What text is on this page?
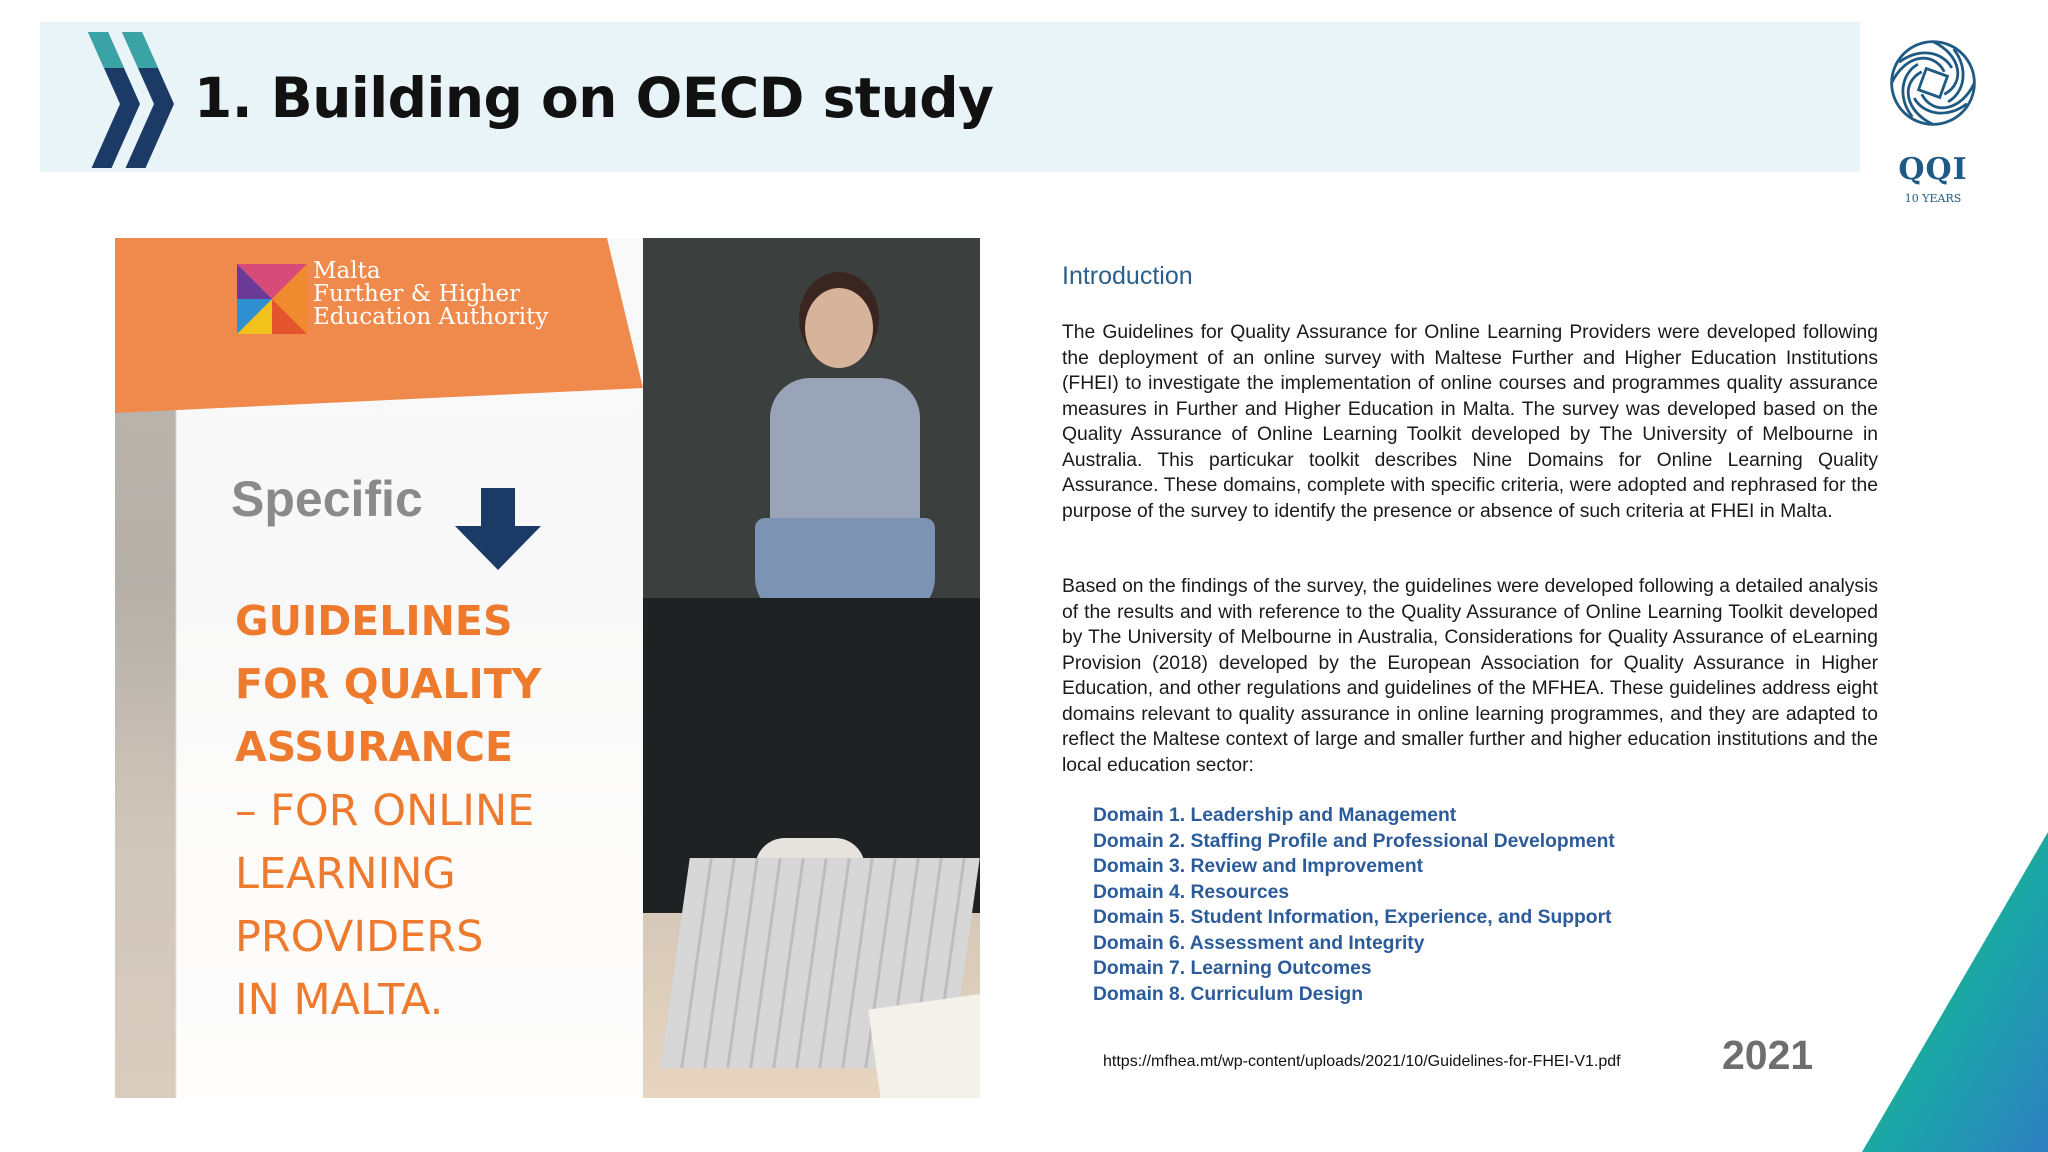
1. Building on OECD study
QQI
10 YEARS
Malta
Further & Higher
Education Authority

Specific

GUIDELINES
FOR QUALITY
ASSURANCE
– FOR ONLINE
LEARNING
PROVIDERS
IN MALTA.
Introduction

The Guidelines for Quality Assurance for Online Learning Providers were developed following the deployment of an online survey with Maltese Further and Higher Education Institutions (FHEI) to investigate the implementation of online courses and programmes quality assurance measures in Further and Higher Education in Malta. The survey was developed based on the Quality Assurance of Online Learning Toolkit developed by The University of Melbourne in Australia. This particukar toolkit describes Nine Domains for Online Learning Quality Assurance. These domains, complete with specific criteria, were adopted and rephrased for the purpose of the survey to identify the presence or absence of such criteria at FHEI in Malta.

Based on the findings of the survey, the guidelines were developed following a detailed analysis of the results and with reference to the Quality Assurance of Online Learning Toolkit developed by The University of Melbourne in Australia, Considerations for Quality Assurance of eLearning Provision (2018) developed by the European Association for Quality Assurance in Higher Education, and other regulations and guidelines of the MFHEA. These guidelines address eight domains relevant to quality assurance in online learning programmes, and they are adapted to reflect the Maltese context of large and smaller further and higher education institutions and the local education sector:

Domain 1. Leadership and Management
Domain 2. Staffing Profile and Professional Development
Domain 3. Review and Improvement
Domain 4. Resources
Domain 5. Student Information, Experience, and Support
Domain 6. Assessment and Integrity
Domain 7. Learning Outcomes
Domain 8. Curriculum Design
https://mfhea.mt/wp-content/uploads/2021/10/Guidelines-for-FHEI-V1.pdf 2021
